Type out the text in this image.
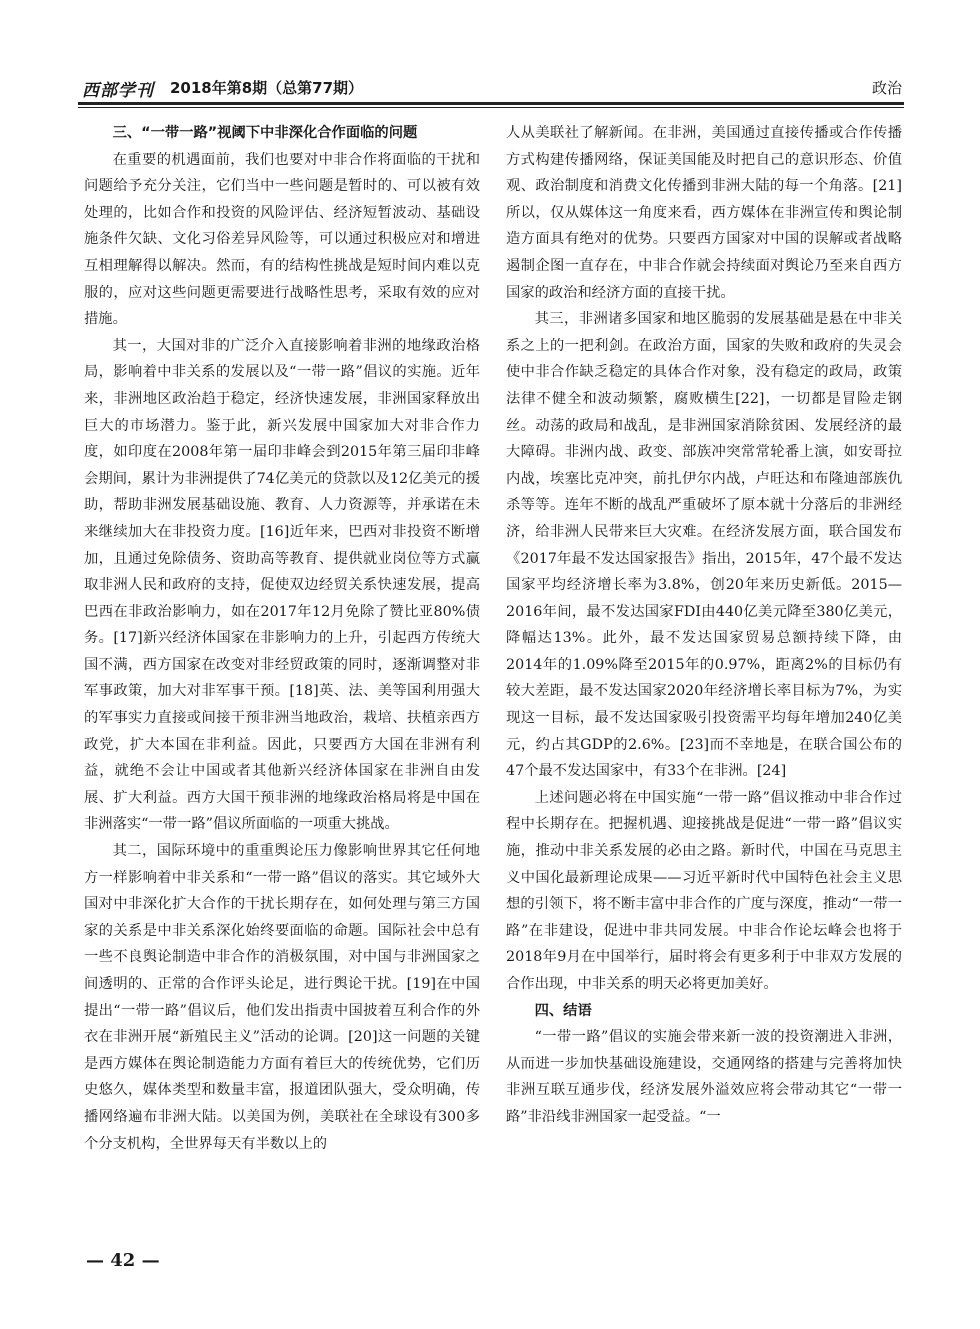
西部学刊 2018年第8期（总第77期）	政治
三、“一带一路”视阈下中非深化合作面临的问题

在重要的机遇面前，我们也要对中非合作将面临的干扰和问题给予充分关注，它们当中一些问题是暂时的、可以被有效处理的，比如合作和投资的风险评估、经济短暂波动、基础设施条件欠缺、文化习俗差异风险等，可以通过积极应对和增进互相理解得以解决。然而，有的结构性挑战是短时间内难以克服的，应对这些问题更需要进行战略性思考，采取有效的应对措施。

其一，大国对非的广泛介入直接影响着非洲的地缘政治格局，影响着中非关系的发展以及“一带一路”倡议的实施。近年来，非洲地区政治趋于稳定，经济快速发展，非洲国家释放出巨大的市场潜力。鉴于此，新兴发展中国家加大对非合作力度，如印度在2008年第一届印非峰会到2015年第三届印非峰会期间，累计为非洲提供了74亿美元的贷款以及12亿美元的援助，帮助非洲发展基础设施、教育、人力资源等，并承诺在未来继续加大在非投资力度。[16]近年来，巴西对非投资不断增加，且通过免除债务、资助高等教育、提供就业岗位等方式赢取非洲人民和政府的支持，促使双边经贸关系快速发展，提高巴西在非政治影响力，如在2017年12月免除了赞比亚80%债务。[17]新兴经济体国家在非影响力的上升，引起西方传统大国不满，西方国家在改变对非经贸政策的同时，逐渐调整对非军事政策，加大对非军事干预。[18]英、法、美等国利用强大的军事实力直接或间接干预非洲当地政治，栽培、扶植亲西方政党，扩大本国在非利益。因此，只要西方大国在非洲有利益，就绝不会让中国或者其他新兴经济体国家在非洲自由发展、扩大利益。西方大国干预非洲的地缘政治格局将是中国在非洲落实“一带一路”倡议所面临的一项重大挑战。

其二，国际环境中的重重舆论压力像影响世界其它任何地方一样影响着中非关系和“一带一路”倡议的落实。其它域外大国对中非深化扩大合作的干扰长期存在，如何处理与第三方国家的关系是中非关系深化始终要面临的命题。国际社会中总有一些不良舆论制造中非合作的消极氛围，对中国与非洲国家之间透明的、正常的合作评头论足，进行舆论干扰。[19]在中国提出“一带一路”倡议后，他们发出指责中国披着互利合作的外衣在非洲开展“新殖民主义”活动的论调。[20]这一问题的关键是西方媒体在舆论制造能力方面有着巨大的传统优势，它们历史悠久，媒体类型和数量丰富，报道团队强大，受众明确，传播网络遍布非洲大陆。以美国为例，美联社在全球设有300多个分支机构，全世界每天有半数以上的

人从美联社了解新闻。在非洲，美国通过直接传播或合作传播方式构建传播网络，保证美国能及时把自己的意识形态、价值观、政治制度和消费文化传播到非洲大陆的每一个角落。[21]所以，仅从媒体这一角度来看，西方媒体在非洲宣传和舆论制造方面具有绝对的优势。只要西方国家对中国的误解或者战略遏制企图一直存在，中非合作就会持续面对舆论乃至来自西方国家的政治和经济方面的直接干扰。

其三，非洲诸多国家和地区脆弱的发展基础是悬在中非关系之上的一把利剑。在政治方面，国家的失败和政府的失灵会使中非合作缺乏稳定的具体合作对象，没有稳定的政局，政策法律不健全和波动频繁，腐败横生[22]，一切都是冒险走钢丝。动荡的政局和战乱，是非洲国家消除贫困、发展经济的最大障碍。非洲内战、政变、部族冲突常常轮番上演，如安哥拉内战，埃塞比克冲突，前扎伊尔内战，卢旺达和布隆迪部族仇杀等等。连年不断的战乱严重破坏了原本就十分落后的非洲经济，给非洲人民带来巨大灾难。在经济发展方面，联合国发布《2017年最不发达国家报告》指出，2015年，47个最不发达国家平均经济增长率为3.8%，创20年来历史新低。2015—2016年间，最不发达国家FDI由440亿美元降至380亿美元，降幅达13%。此外，最不发达国家贸易总额持续下降，由2014年的1.09%降至2015年的0.97%，距离2%的目标仍有较大差距，最不发达国家2020年经济增长率目标为7%，为实现这一目标，最不发达国家吸引投资需平均每年增加240亿美元，约占其GDP的2.6%。[23]而不幸地是，在联合国公布的47个最不发达国家中，有33个在非洲。[24]

上述问题必将在中国实施“一带一路”倡议推动中非合作过程中长期存在。把握机遇、迎接挑战是促进“一带一路”倡议实施，推动中非关系发展的必由之路。新时代，中国在马克思主义中国化最新理论成果——习近平新时代中国特色社会主义思想的引领下，将不断丰富中非合作的广度与深度，推动“一带一路”在非建设，促进中非共同发展。中非合作论坛峰会也将于2018年9月在中国举行，届时将会有更多利于中非双方发展的合作出现，中非关系的明天必将更加美好。

四、结语

“一带一路”倡议的实施会带来新一波的投资潮进入非洲，从而进一步加快基础设施建设，交通网络的搭建与完善将加快非洲互联互通步伐，经济发展外溢效应将会带动其它“一带一路”非沿线非洲国家一起受益。“一

— 42 —
